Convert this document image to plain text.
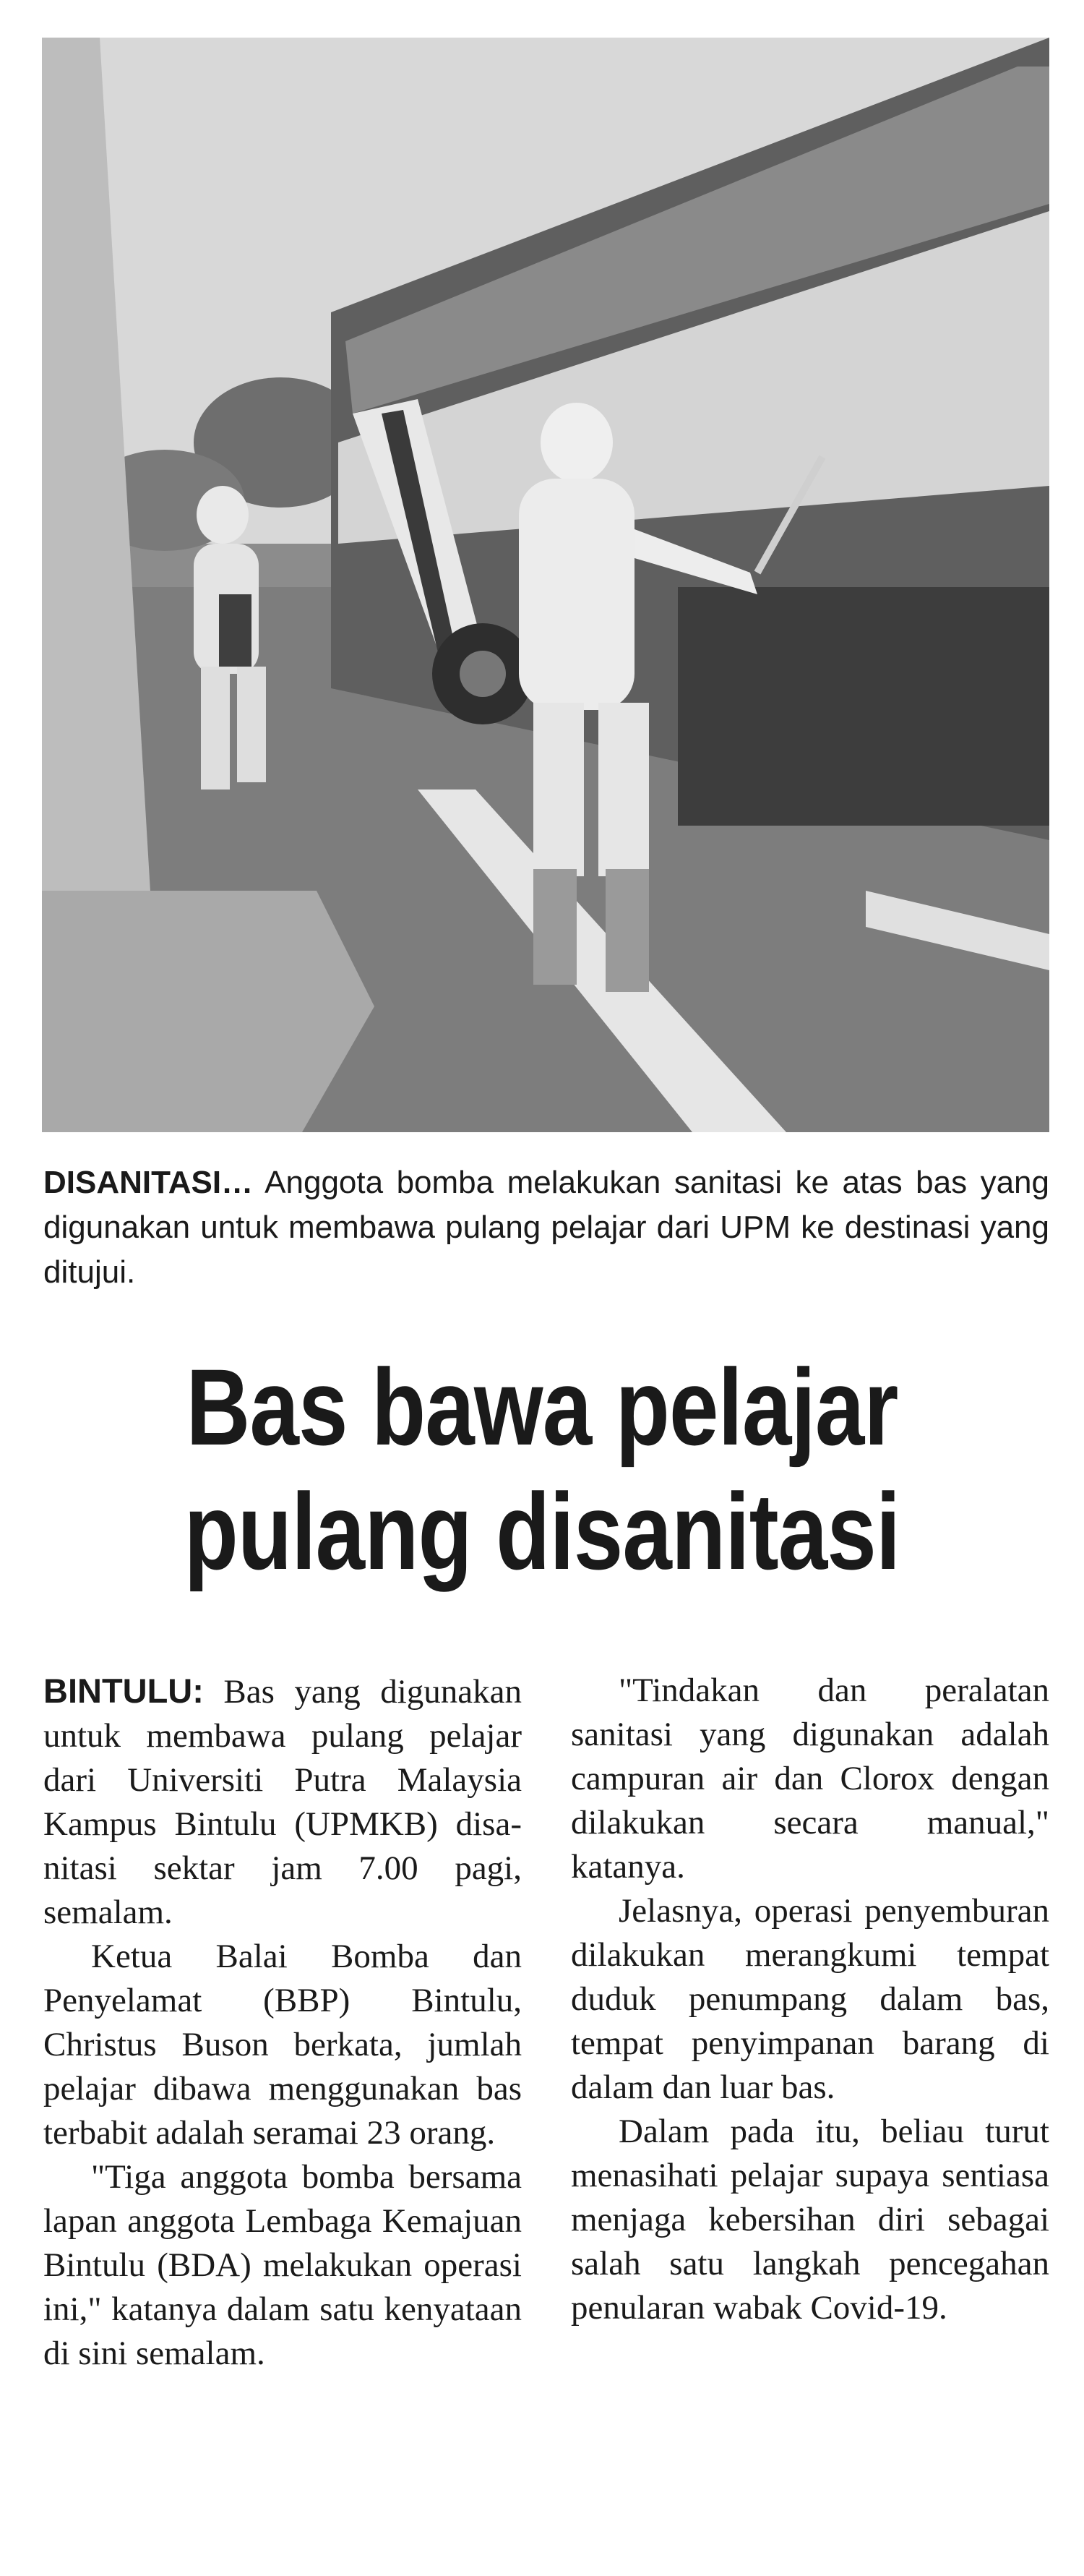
DISANITASI… Anggota bomba melakukan sanitasi ke atas bas yang digunakan untuk membawa pulang pelajar dari UPM ke destinasi yang ditujui.
Bas bawa pelajar
pulang disanitasi

BINTULU: Bas yang digunakan untuk membawa pulang pelajar dari Universiti Putra Malaysia Kampus Bintulu (UPMKB) disanitasi sektar jam 7.00 pagi, semalam.

Ketua Balai Bomba dan Penyelamat (BBP) Bintulu, Christus Buson berkata, jumlah pelajar dibawa menggunakan bas terbabit adalah seramai 23 orang.

"Tiga anggota bomba bersama lapan anggota Lembaga Kemajuan Bintulu (BDA) melakukan operasi ini," katanya dalam satu kenyataan di sini semalam.

"Tindakan dan peralatan sanitasi yang digunakan adalah campuran air dan Clorox dengan dilakukan secara manual," katanya.

Jelasnya, operasi penyemburan dilakukan merangkumi tempat duduk penumpang dalam bas, tempat penyimpanan barang di dalam dan luar bas.

Dalam pada itu, beliau turut menasihati pelajar supaya sentiasa menjaga kebersihan diri sebagai salah satu langkah pencegahan penularan wabak Covid-19.
